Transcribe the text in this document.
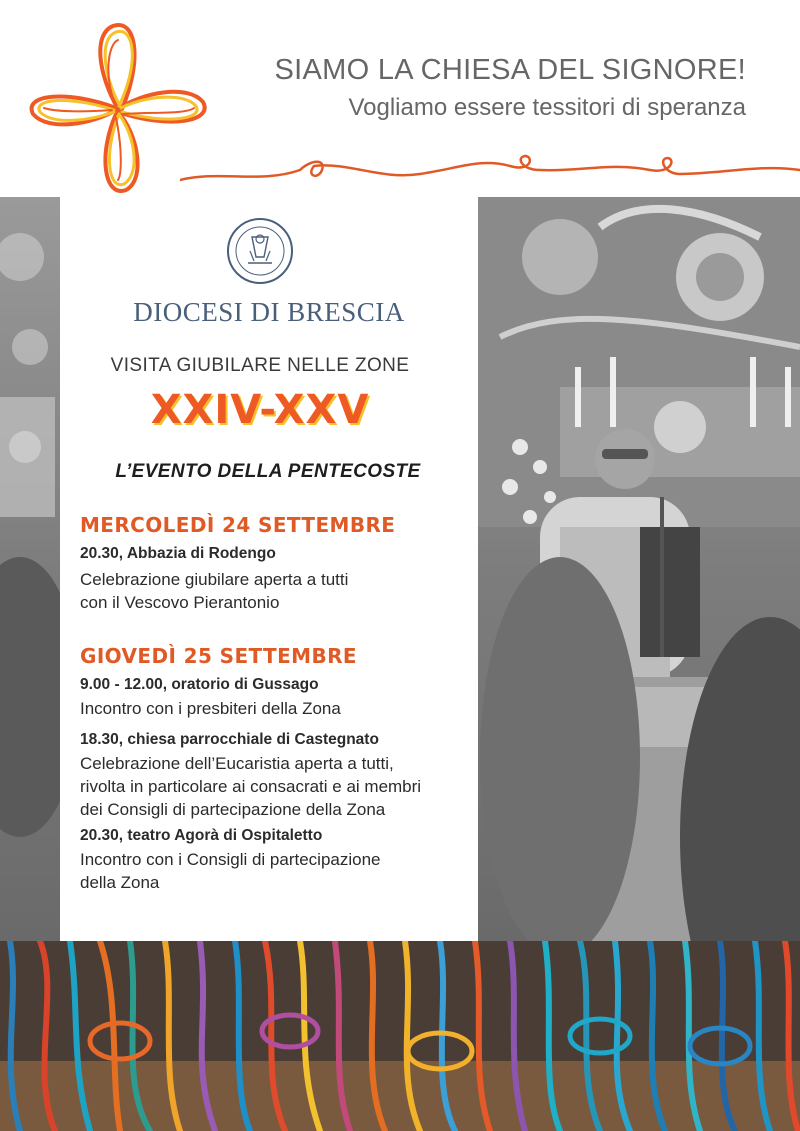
SIAMO LA CHIESA DEL SIGNORE!
Vogliamo essere tessitori di speranza
DIOCESI DI BRESCIA
VISITA GIUBILARE NELLE ZONE
XXIV-XXV
L’EVENTO DELLA PENTECOSTE
MERCOLEDÌ 24 SETTEMBRE
20.30, Abbazia di Rodengo
Celebrazione giubilare aperta a tutti
con il Vescovo Pierantonio
GIOVEDÌ 25 SETTEMBRE
9.00 - 12.00, oratorio di Gussago
Incontro con i presbiteri della Zona
18.30, chiesa parrocchiale di Castegnato
Celebrazione dell’Eucaristia aperta a tutti,
rivolta in particolare ai consacrati e ai membri
dei Consigli di partecipazione della Zona
20.30, teatro Agorà di Ospitaletto
Incontro con i Consigli di partecipazione
della Zona
